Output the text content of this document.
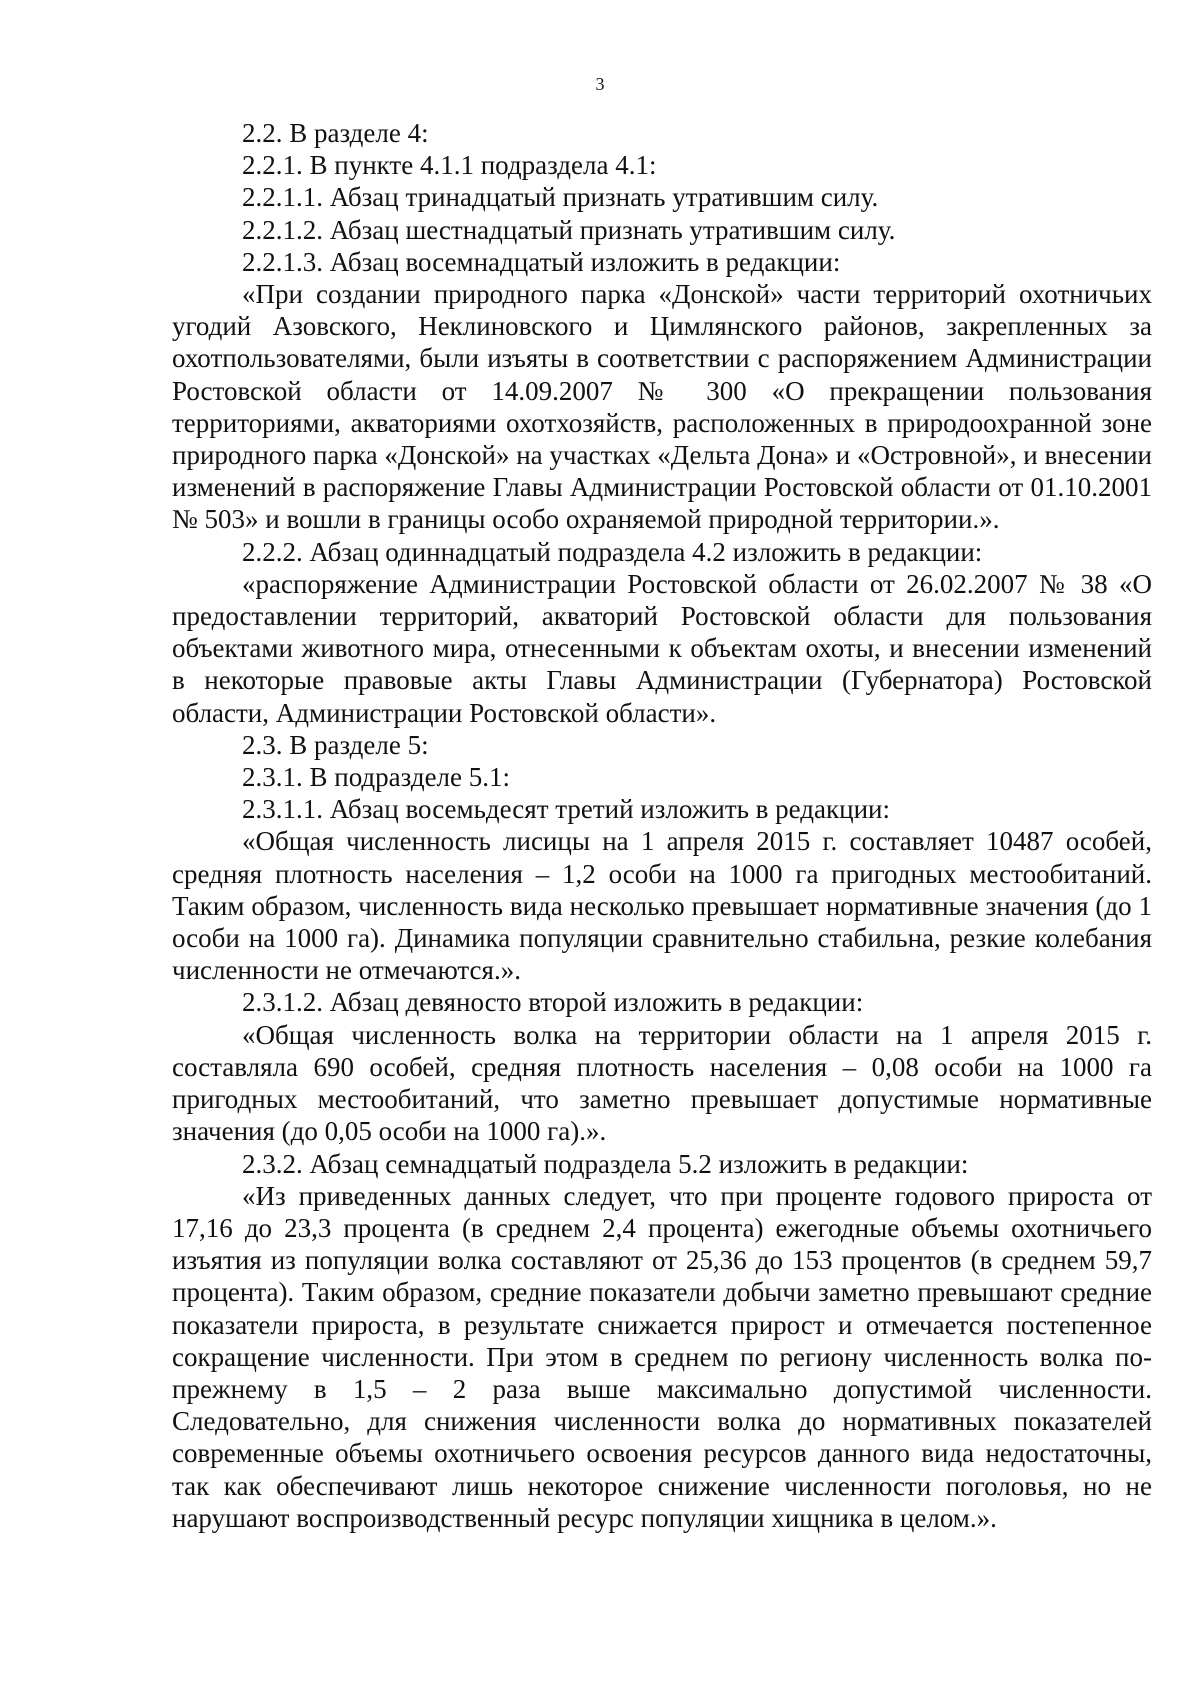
3

2.2. В разделе 4:

2.2.1. В пункте 4.1.1 подраздела 4.1:

2.2.1.1. Абзац тринадцатый признать утратившим силу.

2.2.1.2. Абзац шестнадцатый признать утратившим силу.

2.2.1.3. Абзац восемнадцатый изложить в редакции:

«При создании природного парка «Донской» части территорий охотничьих угодий Азовского, Неклиновского и Цимлянского районов, закрепленных за охотпользователями, были изъяты в соответствии с распоряжением Администрации Ростовской области от 14.09.2007 № 300 «О прекращении пользования территориями, акваториями охотхозяйств, расположенных в природоохранной зоне природного парка «Донской» на участках «Дельта Дона» и «Островной», и внесении изменений в распоряжение Главы Администрации Ростовской области от 01.10.2001 № 503» и вошли в границы особо охраняемой природной территории.».

2.2.2. Абзац одиннадцатый подраздела 4.2 изложить в редакции:

«распоряжение Администрации Ростовской области от 26.02.2007 № 38 «О предоставлении территорий, акваторий Ростовской области для пользования объектами животного мира, отнесенными к объектам охоты, и внесении изменений в некоторые правовые акты Главы Администрации (Губернатора) Ростовской области, Администрации Ростовской области».

2.3. В разделе 5:

2.3.1. В подразделе 5.1:

2.3.1.1. Абзац восемьдесят третий изложить в редакции:

«Общая численность лисицы на 1 апреля 2015 г. составляет 10487 особей, средняя плотность населения – 1,2 особи на 1000 га пригодных местообитаний. Таким образом, численность вида несколько превышает нормативные значения (до 1 особи на 1000 га). Динамика популяции сравнительно стабильна, резкие колебания численности не отмечаются.».

2.3.1.2. Абзац девяносто второй изложить в редакции:

«Общая численность волка на территории области на 1 апреля 2015 г. составляла 690 особей, средняя плотность населения – 0,08 особи на 1000 га пригодных местообитаний, что заметно превышает допустимые нормативные значения (до 0,05 особи на 1000 га).».

2.3.2. Абзац семнадцатый подраздела 5.2 изложить в редакции:

«Из приведенных данных следует, что при проценте годового прироста от 17,16 до 23,3 процента (в среднем 2,4 процента) ежегодные объемы охотничьего изъятия из популяции волка составляют от 25,36 до 153 процентов (в среднем 59,7 процента). Таким образом, средние показатели добычи заметно превышают средние показатели прироста, в результате снижается прирост и отмечается постепенное сокращение численности. При этом в среднем по региону численность волка по-прежнему в 1,5 – 2 раза выше максимально допустимой численности. Следовательно, для снижения численности волка до нормативных показателей современные объемы охотничьего освоения ресурсов данного вида недостаточны, так как обеспечивают лишь некоторое снижение численности поголовья, но не нарушают воспроизводственный ресурс популяции хищника в целом.».
